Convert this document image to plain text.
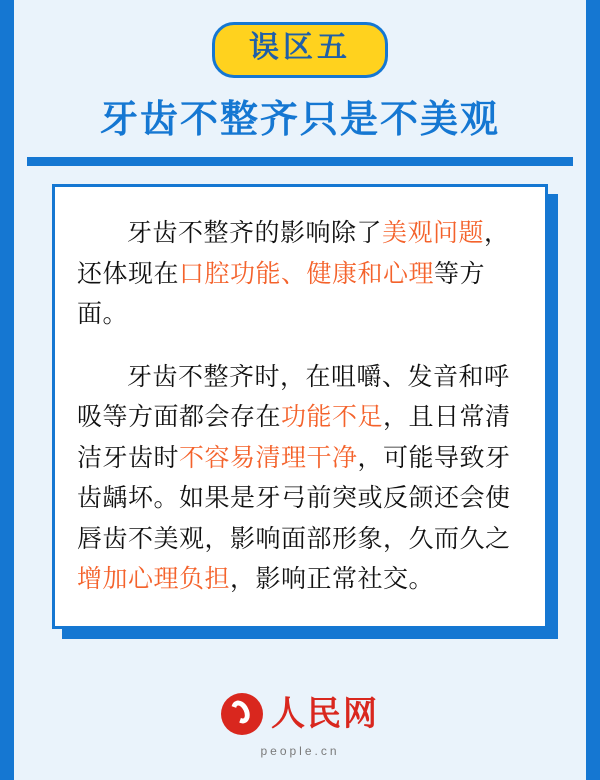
误区五
牙齿不整齐只是不美观

牙齿不整齐的影响除了美观问题，还体现在口腔功能、健康和心理等方面。

牙齿不整齐时，在咀嚼、发音和呼吸等方面都会存在功能不足，且日常清洁牙齿时不容易清理干净，可能导致牙齿龋坏。如果是牙弓前突或反颌还会使唇齿不美观，影响面部形象，久而久之增加心理负担，影响正常社交。

人民网
people.cn
